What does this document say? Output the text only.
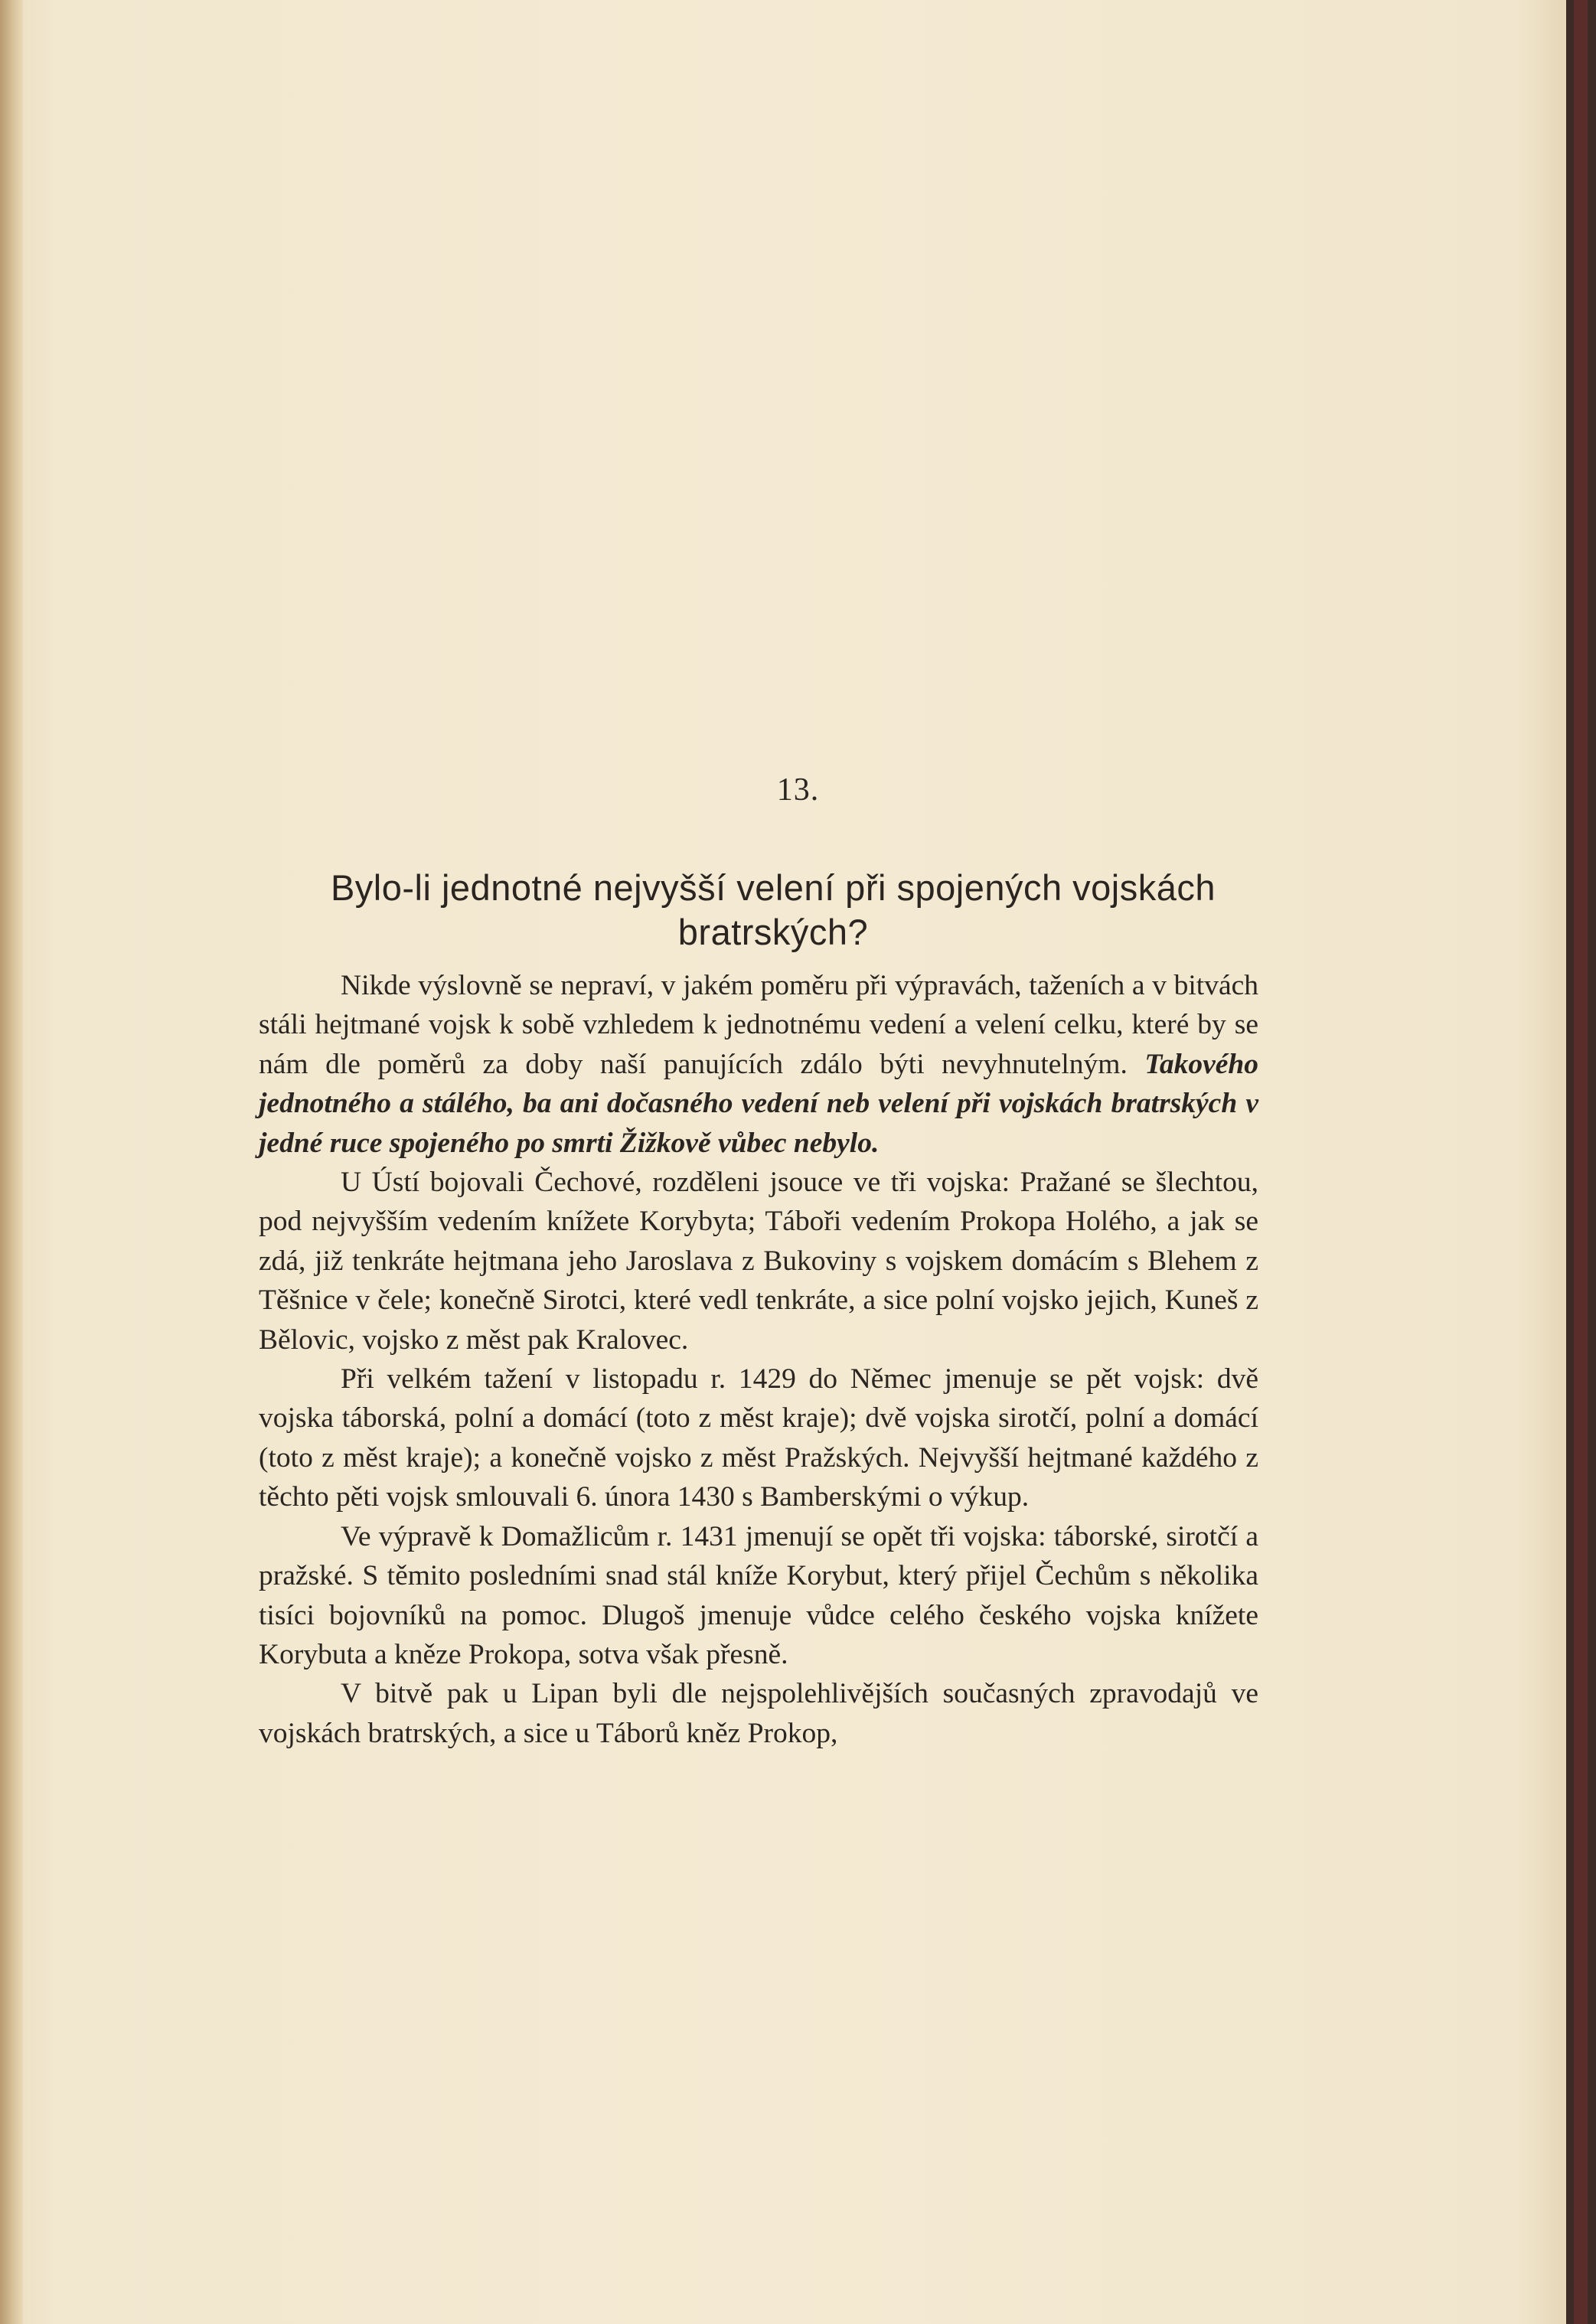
13.
Bylo-li jednotné nejvyšší velení při spojených vojskách bratrských?

Nikde výslovně se nepraví, v jakém poměru při výpravách, taženích a v bitvách stáli hejtmané vojsk k sobě vzhledem k jednotnému vedení a velení celku, které by se nám dle poměrů za doby naší panujících zdálo býti nevyhnutelným. Takového jednotného a stálého, ba ani dočasného vedení neb velení při vojskách bratrských v jedné ruce spojeného po smrti Žižkově vůbec nebylo.

U Ústí bojovali Čechové, rozděleni jsouce ve tři vojska: Pražané se šlechtou, pod nejvyšším vedením knížete Korybyta; Táboři vedením Prokopa Holého, a jak se zdá, již tenkráte hejtmana jeho Jaroslava z Bukoviny s vojskem domácím s Blehem z Těšnice v čele; konečně Sirotci, které vedl tenkráte, a sice polní vojsko jejich, Kuneš z Bělovic, vojsko z měst pak Kralovec.

Při velkém tažení v listopadu r. 1429 do Němec jmenuje se pět vojsk: dvě vojska táborská, polní a domácí (toto z měst kraje); dvě vojska sirotčí, polní a domácí (toto z měst kraje); a konečně vojsko z měst Pražských. Nejvyšší hejtmané každého z těchto pěti vojsk smlouvali 6. února 1430 s Bamberskými o výkup.

Ve výpravě k Domažlicům r. 1431 jmenují se opět tři vojska: táborské, sirotčí a pražské. S těmito posledními snad stál kníže Korybut, který přijel Čechům s několika tisíci bojovníků na pomoc. Dlugoš jmenuje vůdce celého českého vojska knížete Korybuta a kněze Prokopa, sotva však přesně.

V bitvě pak u Lipan byli dle nejspolehlivějších současných zpravodajů ve vojskách bratrských, a sice u Táborů kněz Prokop,
